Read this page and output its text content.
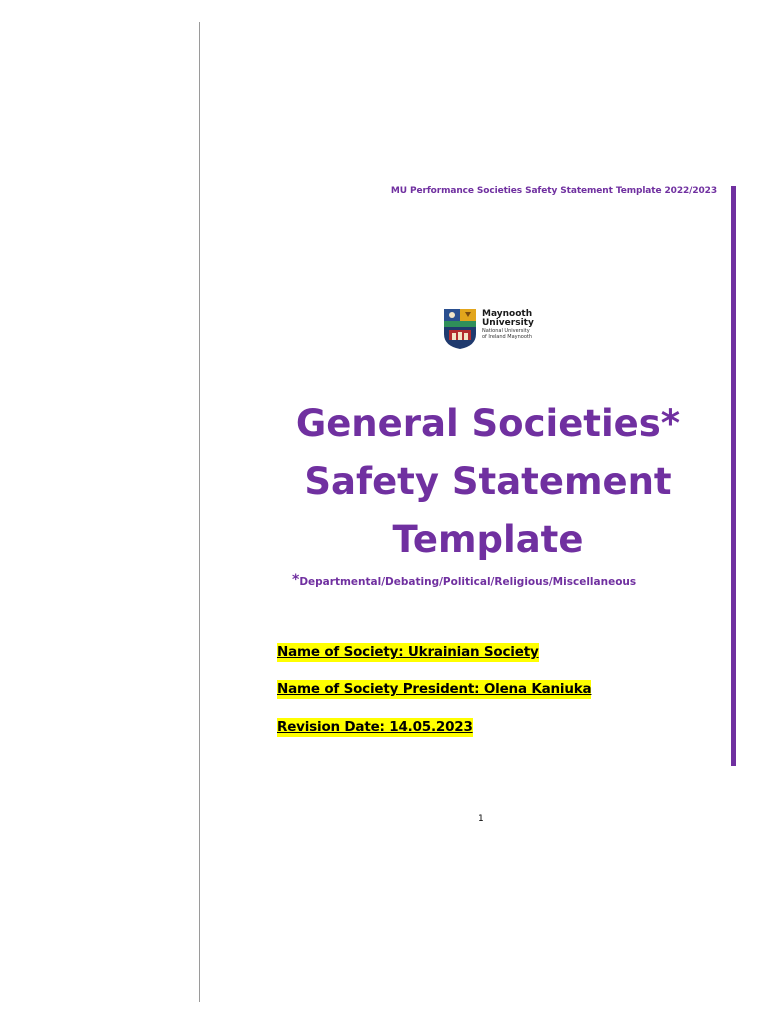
MU Performance Societies Safety Statement Template 2022/2023
Maynooth
University
National University
of Ireland Maynooth
General Societies*
Safety Statement
Template
*Departmental/Debating/Political/Religious/Miscellaneous
Name of Society: Ukrainian Society
Name of Society President: Olena Kaniuka
Revision Date: 14.05.2023
1
